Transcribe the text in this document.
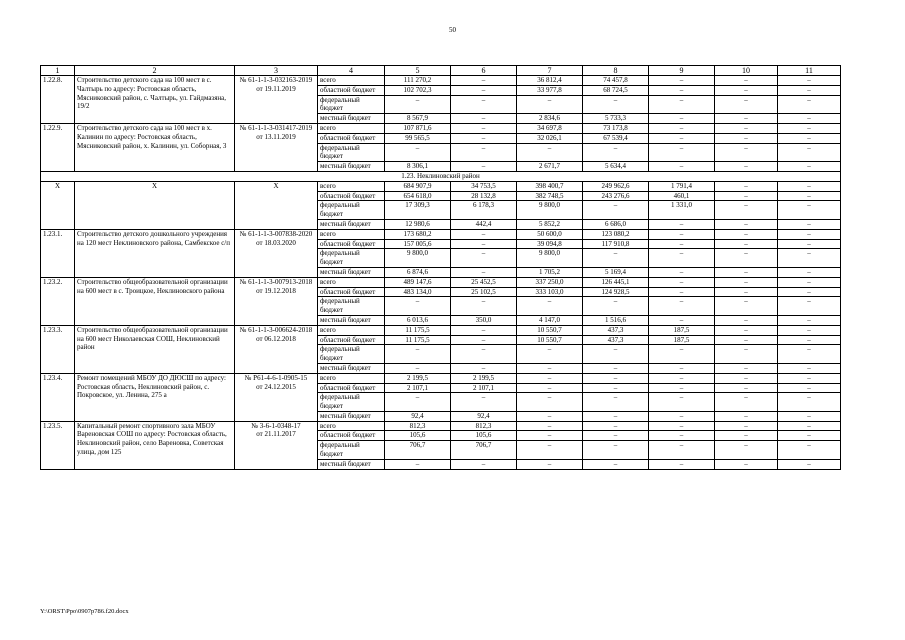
50
1	2	3	4	5	6	7	8	9	10	11
1.22.8.	Строительство детского сада на 100 мест в с. Чалтырь по адресу: Ростовская область, Мясниковский район, с. Чалтырь, ул. Гайдмазяна, 19/2	№ 61-1-1-3-032163-2019
от 19.11.2019	всего	111 270,2	–	36 812,4	74 457,8	–	–	–
			областной бюджет	102 702,3	–	33 977,8	68 724,5	–	–	–
			федеральный бюджет	–	–	–	–	–	–	–
			местный бюджет	8 567,9	–	2 834,6	5 733,3	–	–	–
1.22.9.	Строительство детского сада на 100 мест в х. Калинин по адресу: Ростовская область, Мясниковский район, х. Калинин, ул. Соборная, 3	№ 61-1-1-3-031417-2019
от 13.11.2019	всего	107 871,6	–	34 697,8	73 173,8	–	–	–
			областной бюджет	99 565,5	–	32 026,1	67 539,4	–	–	–
			федеральный бюджет	–	–	–	–	–	–	–
			местный бюджет	8 306,1	–	2 671,7	5 634,4	–	–	–
1.23. Неклиновский район										
Х	Х	Х	всего	684 907,9	34 753,5	398 400,7	249 962,6	1 791,4	–	–
			областной бюджет	654 618,0	28 132,8	382 748,5	243 276,6	460,1	–	–
			федеральный бюджет	17 309,3	6 178,3	9 800,0	–	1 331,0	–	–
			местный бюджет	12 980,6	442,4	5 852,2	6 686,0	–	–	–
1.23.1.	Строительство детского дошкольного учреждения на 120 мест Неклиновского района, Самбекское с/п	№ 61-1-1-3-007838-2020
от 18.03.2020	всего	173 680,2	–	50 600,0	123 080,2	–	–	–
			областной бюджет	157 005,6	–	39 094,8	117 910,8	–	–	–
			федеральный бюджет	9 800,0	–	9 800,0	–	–	–	–
			местный бюджет	6 874,6	–	1 705,2	5 169,4	–	–	–
1.23.2.	Строительство общеобразовательной организации на 600 мест в с. Троицкое, Неклиновского района	№ 61-1-1-3-007913-2018
от 19.12.2018	всего	489 147,6	25 452,5	337 250,0	126 445,1	–	–	–
			областной бюджет	483 134,0	25 102,5	333 103,0	124 928,5	–	–	–
			федеральный бюджет	–	–	–	–	–	–	–
			местный бюджет	6 013,6	350,0	4 147,0	1 516,6	–	–	–
1.23.3.	Строительство общеобразовательной организации на 600 мест Николаевская СОШ, Неклиновский район	№ 61-1-1-3-006624-2018
от 06.12.2018	всего	11 175,5	–	10 550,7	437,3	187,5	–	–
			областной бюджет	11 175,5	–	10 550,7	437,3	187,5	–	–
			федеральный бюджет	–	–	–	–	–	–	–
			местный бюджет	–	–	–	–	–	–	–
1.23.4.	Ремонт помещений МБОУ ДО ДЮСШ по адресу: Ростовская область, Неклиновский район, с. Покровское, ул. Ленина, 275 а	№ Р61-4-6-1-0905-15
от 24.12.2015	всего	2 199,5	2 199,5	–	–	–	–	–
			областной бюджет	2 107,1	2 107,1	–	–	–	–	–
			федеральный бюджет	–	–	–	–	–	–	–
			местный бюджет	92,4	92,4	–	–	–	–	–
1.23.5.	Капитальный ремонт спортивного зала МБОУ Вареновская СОШ по адресу: Ростовская область, Неклиновский район, село Вареновка, Советская улица, дом 125	№ 3-6-1-0348-17
от 21.11.2017	всего	812,3	812,3	–	–	–	–	–
			областной бюджет	105,6	105,6	–	–	–	–	–
			федеральный бюджет	706,7	706,7	–	–	–	–	–
			местный бюджет	–	–	–	–	–	–	–
Y:\ORST\Ppo\0907p786.f20.docx
